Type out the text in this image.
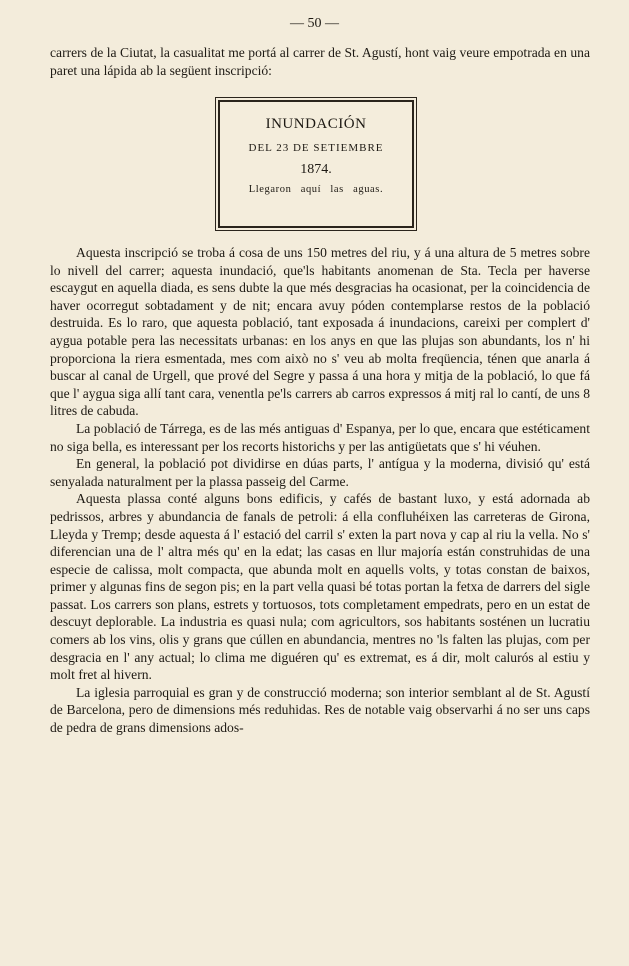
— 50 —

carrers de la Ciutat, la casualitat me portá al carrer de St. Agustí, hont vaig veure empotrada en una paret una lápida ab la següent inscripció:

INUNDACIÓN
DEL 23 DE SETIEMBRE
1874.
Llegaron aquí las aguas.

Aquesta inscripció se troba á cosa de uns 150 metres del riu, y á una altura de 5 metres sobre lo nivell del carrer; aquesta inundació, que'ls habitants anomenan de Sta. Tecla per haverse escaygut en aquella diada, es sens dubte la que més desgracias ha ocasionat, per la coincidencia de haver ocorregut sobtadament y de nit; encara avuy póden contemplarse restos de la població destruida. Es lo raro, que aquesta població, tant exposada á inundacions, careixi per complert d' aygua potable pera las necessitats urbanas: en los anys en que las plujas son abundants, los n' hi proporciona la riera esmentada, mes com això no s' veu ab molta freqüencia, ténen que anarla á buscar al canal de Urgell, que prové del Segre y passa á una hora y mitja de la població, lo que fá que l' aygua siga allí tant cara, venentla pe'ls carrers ab carros expressos á mitj ral lo cantí, de uns 8 litres de cabuda.

La població de Tárrega, es de las més antiguas d' Espanya, per lo que, encara que estéticament no siga bella, es interessant per los recorts historichs y per las antigüetats que s' hi véuhen.

En general, la població pot dividirse en dúas parts, l' antígua y la moderna, divisió qu' está senyalada naturalment per la plassa passeig del Carme.

Aquesta plassa conté alguns bons edificis, y cafés de bastant luxo, y está adornada ab pedrissos, arbres y abundancia de fanals de petroli: á ella confluhéixen las carreteras de Girona, Lleyda y Tremp; desde aquesta á l' estació del carril s' exten la part nova y cap al riu la vella. No s' diferencian una de l' altra més qu' en la edat; las casas en llur majoría están construhidas de una especie de calissa, molt compacta, que abunda molt en aquells volts, y totas constan de baixos, primer y algunas fins de segon pis; en la part vella quasi bé totas portan la fetxa de darrers del sigle passat. Los carrers son plans, estrets y tortuosos, tots completament empedrats, pero en un estat de descuyt deplorable. La industria es quasi nula; com agricultors, sos habitants sosténen un lucratiu comers ab los vins, olis y grans que cúllen en abundancia, mentres no 'ls falten las plujas, com per desgracia en l' any actual; lo clima me diguéren qu' es extremat, es á dir, molt calurós al estiu y molt fret al hivern.

La iglesia parroquial es gran y de construcció moderna; son interior semblant al de St. Agustí de Barcelona, pero de dimensions més reduhidas. Res de notable vaig observarhi á no ser uns caps de pedra de grans dimensions ados-
